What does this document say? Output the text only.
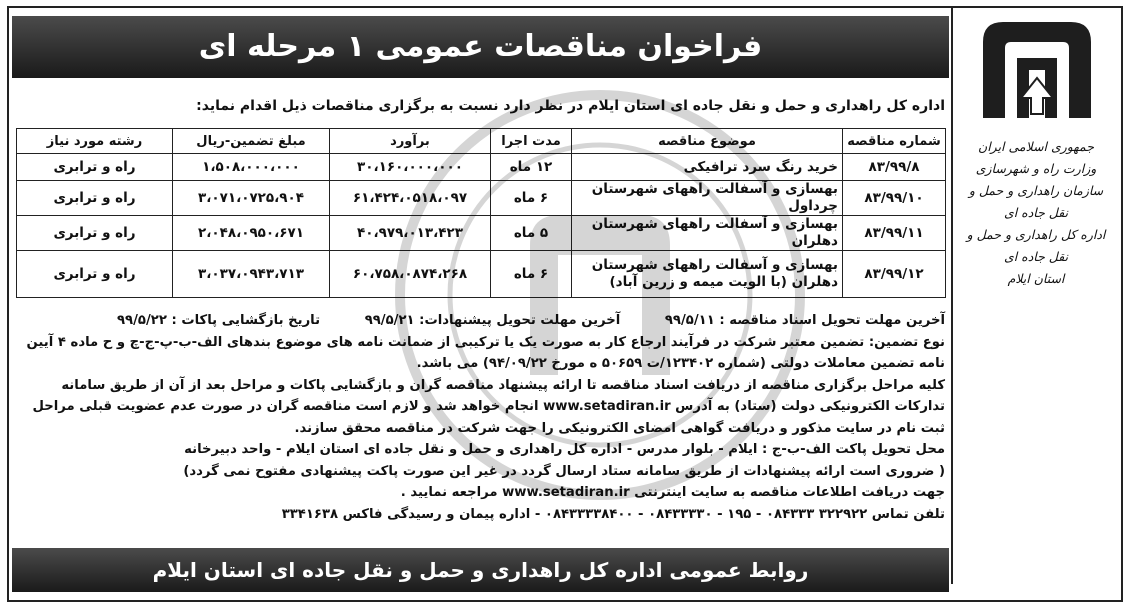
جمهوری اسلامی ایران
وزارت راه و شهرسازی
سازمان راهداری و حمل و نقل جاده ای
اداره کل راهداری و حمل و نقل جاده ای
استان ایلام
فراخوان مناقصات عمومی ۱ مرحله ای
اداره کل راهداری و حمل و نقل جاده ای استان ایلام در نظر دارد نسبت به برگزاری مناقصات ذیل اقدام نماید:
شماره مناقصه	موضوع مناقصه	مدت اجرا	برآورد	مبلغ تضمین-ریال	رشته مورد نیاز
۸۳/۹۹/۸	خرید رنگ سرد ترافیکی	۱۲ ماه	۳۰،۱۶۰،۰۰۰،۰۰۰	۱،۵۰۸،۰۰۰،۰۰۰	راه و ترابری
۸۳/۹۹/۱۰	بهسازی و آسفالت راههای شهرستان چرداول	۶ ماه	۶۱،۴۲۴،۰۵۱۸،۰۹۷	۳،۰۷۱،۰۷۲۵،۹۰۴	راه و ترابری
۸۳/۹۹/۱۱	بهسازی و آسفالت راههای شهرستان دهلران	۵ ماه	۴۰،۹۷۹،۰۱۳،۴۲۳	۲،۰۴۸،۰۹۵۰،۶۷۱	راه و ترابری
۸۳/۹۹/۱۲	بهسازی و آسفالت راههای شهرستان دهلران (با الویت میمه و زرین آباد)	۶ ماه	۶۰،۷۵۸،۰۸۷۴،۲۶۸	۳،۰۳۷،۰۹۴۳،۷۱۳	راه و ترابری

آخرین مهلت تحویل اسناد مناقصه : ۹۹/۵/۱۱
آخرین مهلت تحویل پیشنهادات: ۹۹/۵/۲۱
تاریخ بازگشایی پاکات : ۹۹/۵/۲۲

نوع تضمین: تضمین معتبر شرکت در فرآیند ارجاع کار به صورت یک یا ترکیبی از ضمانت نامه های موضوع بندهای الف-ب-پ-ج-چ و ح ماده ۴ آیین نامه تضمین معاملات دولتی (شماره ۱۲۳۴۰۲/ت ۵۰۶۵۹ ه مورخ ۹۴/۰۹/۲۲) می باشد.

کلیه مراحل برگزاری مناقصه از دریافت اسناد مناقصه تا ارائه پیشنهاد مناقصه گران و بازگشایی پاکات و مراحل بعد از آن از طریق سامانه تدارکات الکترونیکی دولت (ستاد) به آدرس www.setadiran.ir انجام خواهد شد و لازم است مناقصه گران در صورت عدم عضویت قبلی مراحل ثبت نام در سایت مذکور و دریافت گواهی امضای الکترونیکی را جهت شرکت در مناقصه محقق سازند.

محل تحویل پاکت الف-ب-ج : ایلام - بلوار مدرس - اداره کل راهداری و حمل و نقل جاده ای استان ایلام - واحد دبیرخانه

( ضروری است ارائه پیشنهادات از طریق سامانه ستاد ارسال گردد در غیر این صورت پاکت پیشنهادی مفتوح نمی گردد)

جهت دریافت اطلاعات مناقصه به سایت اینترنتی www.setadiran.ir مراجعه نمایید .

تلفن تماس ۳۲۲۹۲۲ ۰۸۴۳۳۳ - ۱۹۵ - ۰۸۴۳۳۳۳۰ - ۰۸۴۳۳۳۳۸۴۰۰ - اداره پیمان و رسیدگی فاکس ۳۳۴۱۶۳۸

روابط عمومی اداره کل راهداری و حمل و نقل جاده ای استان ایلام
